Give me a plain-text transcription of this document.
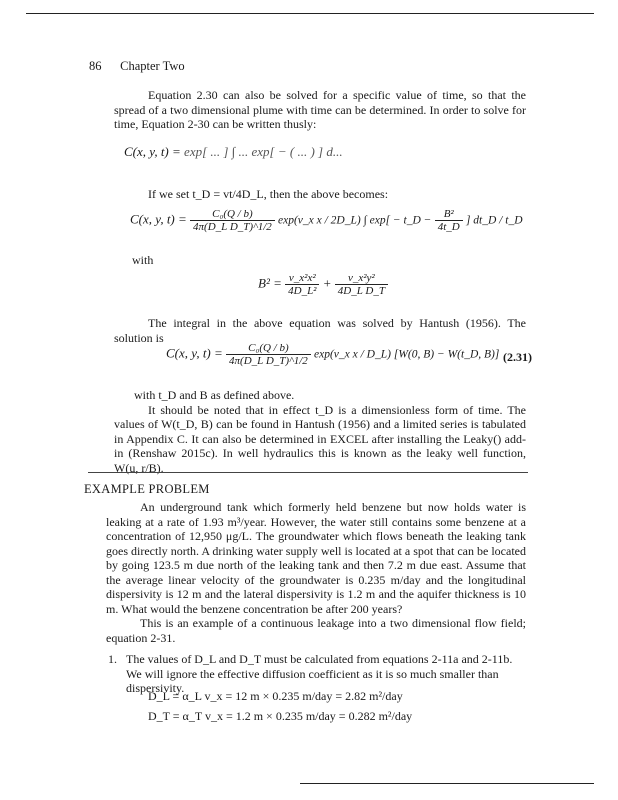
86 Chapter Two

Equation 2.30 can also be solved for a specific value of time, so that the spread of a two dimensional plume with time can be determined. In order to solve for time, Equation 2-30 can be written thusly:

C(x, y, t) = exp[ ... ] ∫ ... exp[ − ( ... ) ] d...

If we set t_D = vt/4D_L, then the above becomes:

C(x, y, $t) = \frac{\text{C₀(Q / b)}}{\text{4π(D\_L D\_T)\textasciicircum{}1/2}}$ exp(v_x x / 2D_L) ∫ exp[ − t_D − $\frac{\text{B²}}{4t\_D}$ ] dt_D / t_D

with

$B^2 = \frac{\text{v\_x²x²}}{\text{4D\_L²}} + \frac{\text{v\_x²y²}}{\text{4D\_L D\_T}}$

The integral in the above equation was solved by Hantush (1956). The solution is

C(x, y, $t) = \frac{\text{C₀(Q / b)}}{\text{4π(D\_L D\_T)\textasciicircum{}1/2}}$ exp(v_x x / D_L) [W(0, B) − W(t_D, B)] (2.31)

with t_D and B as defined above.

It should be noted that in effect t_D is a dimensionless form of time. The values of W(t_D, B) can be found in Hantush (1956) and a limited series is tabulated in Appendix C. It can also be determined in EXCEL after installing the Leaky() add-in (Renshaw 2015c). In well hydraulics this is known as the leaky well function, W(u, r/B).

EXAMPLE PROBLEM

An underground tank which formerly held benzene but now holds water is leaking at a rate of 1.93 m³/year. However, the water still contains some benzene at a concentration of 12,950 μg/L. The groundwater which flows beneath the leaking tank goes directly north. A drinking water supply well is located at a spot that can be located by going 123.5 m due north of the leaking tank and then 7.2 m due east. Assume that the average linear velocity of the groundwater is 0.235 m/day and the longitudinal dispersivity is 12 m and the lateral dispersivity is 1.2 m and the aquifer thickness is 10 m. What would the benzene concentration be after 200 years?

This is an example of a continuous leakage into a two dimensional flow field; equation 2-31.

1. The values of D_L and D_T must be calculated from equations 2-11a and 2-11b. We will ignore the effective diffusion coefficient as it is so much smaller than dispersivity.
D_L = α_L v_x = 12 m × 0.235 m/day = 2.82 m²/day
D_T = α_T v_x = 1.2 m × 0.235 m/day = 0.282 m²/day
